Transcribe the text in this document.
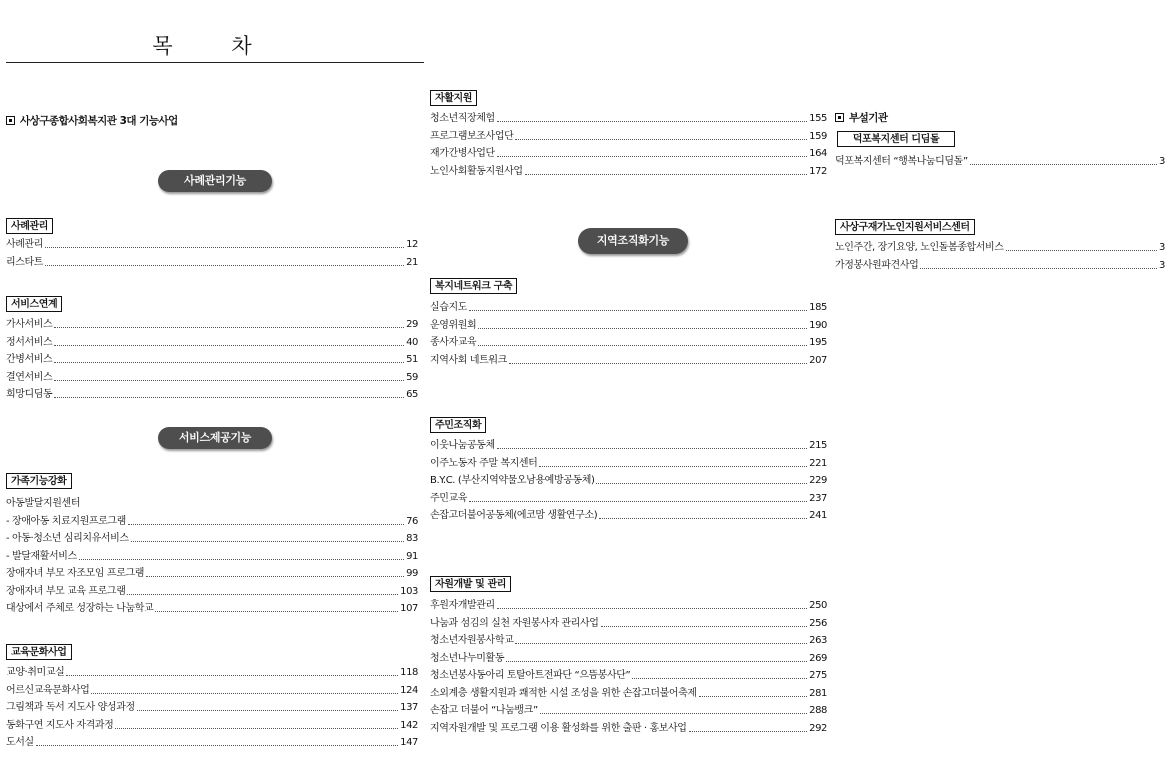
목 차
사상구종합사회복지관 3대 기능사업
사례관리기능
사례관리
서비스연계
서비스제공기능
가족기능강화
교육문화사업
자활지원
지역조직화기능
복지네트워크 구축
주민조직화
자원개발 및 관리
부설기관
덕포복지센터 디딤돌
사상구재가노인지원서비스센터
사례관리	12
리스타트	21
가사서비스	29
정서서비스	40
간병서비스	51
결연서비스	59
희망디딤동	65
아동발달지원센터
- 장애아동 치료지원프로그램	76
- 아동·청소년 심리치유서비스	83
- 발달재활서비스	91
장애자녀 부모 자조모임 프로그램	99
장애자녀 부모 교육 프로그램	103
대상에서 주체로 성장하는 나눔학교	107
교양·취미교실	118
어르신교육문화사업	124
그림책과 독서 지도사 양성과정	137
동화구연 지도사 자격과정	142
도서실	147
청소년직장체험	155
프로그램보조사업단	159
재가간병사업단	164
노인사회활동지원사업	172
실습지도	185
운영위원회	190
종사자교육	195
지역사회 네트워크	207
이웃나눔공동체	215
이주노동자 주말 복지센터	221
B.Y.C. (부산지역약물오남용예방공동체)	229
주민교육	237
손잡고더불어공동체(에코맘 생활연구소)	241
후원자개발관리	250
나눔과 섬김의 실천 자원봉사자 관리사업	256
청소년자원봉사학교	263
청소년나누미활동	269
청소년봉사동아리 토탈아트전파단 “으뜸봉사단”	275
소외계층 생활지원과 쾌적한 시설 조성을 위한 손잡고더불어축제	281
손잡고 더불어 “나눔뱅크”	288
지역자원개발 및 프로그램 이용 활성화를 위한 출판 · 홍보사업	292
덕포복지센터 “행복나눔디딤돌”	3
노인주간, 장기요양, 노인돌봄종합서비스	3
가정봉사원파견사업	3
